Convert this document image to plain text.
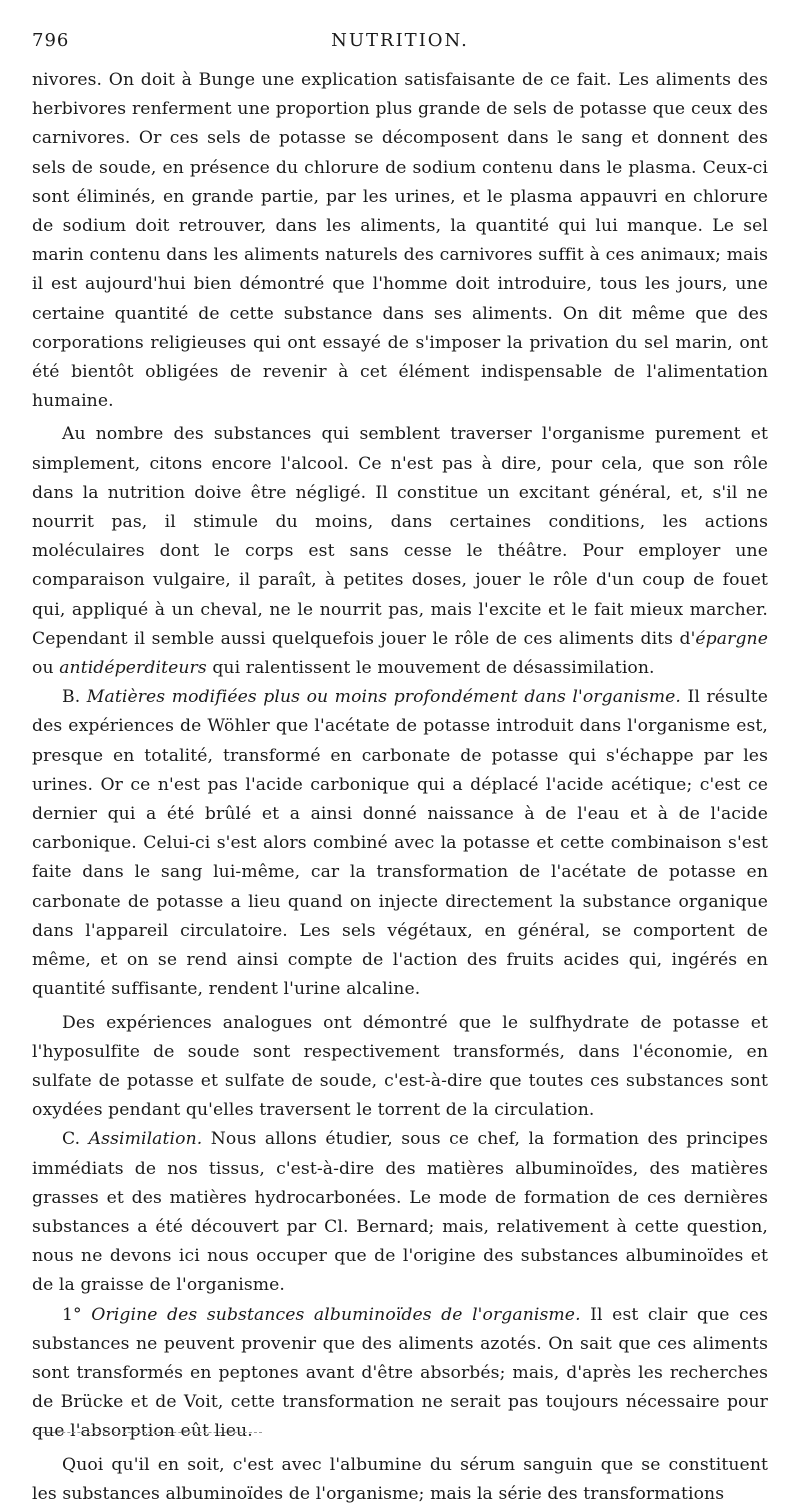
796	NUTRITION.

nivores. On doit à Bunge une explication satisfaisante de ce fait. Les aliments des herbivores renferment une proportion plus grande de sels de potasse que ceux des carnivores. Or ces sels de potasse se décomposent dans le sang et donnent des sels de soude, en présence du chlorure de sodium contenu dans le plasma. Ceux-ci sont éliminés, en grande partie, par les urines, et le plasma appauvri en chlorure de sodium doit retrouver, dans les aliments, la quantité qui lui manque. Le sel marin contenu dans les aliments naturels des carnivores suffit à ces animaux; mais il est aujourd'hui bien démontré que l'homme doit introduire, tous les jours, une certaine quantité de cette substance dans ses aliments. On dit même que des corporations religieuses qui ont essayé de s'imposer la privation du sel marin, ont été bientôt obligées de revenir à cet élément indispensable de l'alimentation humaine.

Au nombre des substances qui semblent traverser l'organisme purement et simplement, citons encore l'alcool. Ce n'est pas à dire, pour cela, que son rôle dans la nutrition doive être négligé. Il constitue un excitant général, et, s'il ne nourrit pas, il stimule du moins, dans certaines conditions, les actions moléculaires dont le corps est sans cesse le théâtre. Pour employer une comparaison vulgaire, il paraît, à petites doses, jouer le rôle d'un coup de fouet qui, appliqué à un cheval, ne le nourrit pas, mais l'excite et le fait mieux marcher. Cependant il semble aussi quelquefois jouer le rôle de ces aliments dits d'épargne ou antidéperditeurs qui ralentissent le mouvement de désassimilation.

B. Matières modifiées plus ou moins profondément dans l'organisme. Il résulte des expériences de Wöhler que l'acétate de potasse introduit dans l'organisme est, presque en totalité, transformé en carbonate de potasse qui s'échappe par les urines. Or ce n'est pas l'acide carbonique qui a déplacé l'acide acétique; c'est ce dernier qui a été brûlé et a ainsi donné naissance à de l'eau et à de l'acide carbonique. Celui-ci s'est alors combiné avec la potasse et cette combinaison s'est faite dans le sang lui-même, car la transformation de l'acétate de potasse en carbonate de potasse a lieu quand on injecte directement la substance organique dans l'appareil circulatoire. Les sels végétaux, en général, se comportent de même, et on se rend ainsi compte de l'action des fruits acides qui, ingérés en quantité suffisante, rendent l'urine alcaline.

Des expériences analogues ont démontré que le sulfhydrate de potasse et l'hyposulfite de soude sont respectivement transformés, dans l'économie, en sulfate de potasse et sulfate de soude, c'est-à-dire que toutes ces substances sont oxydées pendant qu'elles traversent le torrent de la circulation.

C. Assimilation. Nous allons étudier, sous ce chef, la formation des principes immédiats de nos tissus, c'est-à-dire des matières albuminoïdes, des matières grasses et des matières hydrocarbonées. Le mode de formation de ces dernières substances a été découvert par Cl. Bernard; mais, relativement à cette question, nous ne devons ici nous occuper que de l'origine des substances albuminoïdes et de la graisse de l'organisme.

1° Origine des substances albuminoïdes de l'organisme. Il est clair que ces substances ne peuvent provenir que des aliments azotés. On sait que ces aliments sont transformés en peptones avant d'être absorbés; mais, d'après les recherches de Brücke et de Voit, cette transformation ne serait pas toujours nécessaire pour que l'absorption eût lieu.

Quoi qu'il en soit, c'est avec l'albumine du sérum sanguin que se constituent les substances albuminoïdes de l'organisme; mais la série des transformations
